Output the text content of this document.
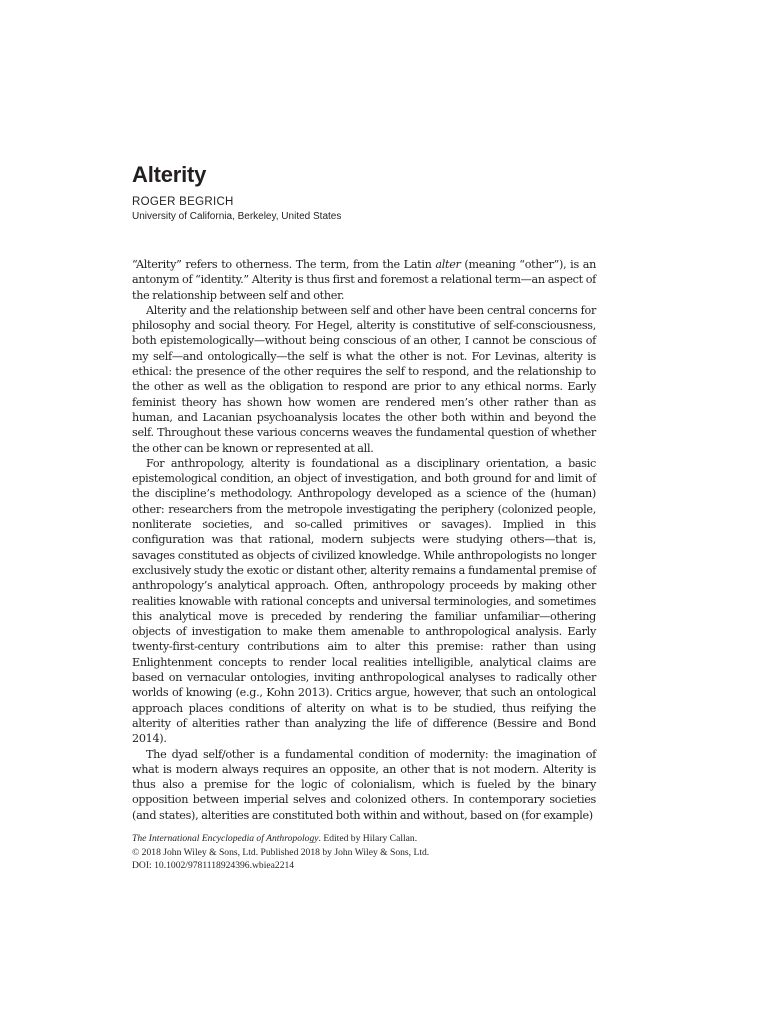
Alterity
ROGER BEGRICH
University of California, Berkeley, United States

“Alterity” refers to otherness. The term, from the Latin alter (meaning “other”), is an antonym of “identity.” Alterity is thus first and foremost a relational term—an aspect of the relationship between self and other.

Alterity and the relationship between self and other have been central concerns for philosophy and social theory. For Hegel, alterity is constitutive of self-consciousness, both epistemologically—without being conscious of an other, I cannot be conscious of my self—and ontologically—the self is what the other is not. For Levinas, alterity is ethical: the presence of the other requires the self to respond, and the relationship to the other as well as the obligation to respond are prior to any ethical norms. Early feminist theory has shown how women are rendered men’s other rather than as human, and Lacanian psychoanalysis locates the other both within and beyond the self. Throughout these various concerns weaves the fundamental question of whether the other can be known or represented at all.

For anthropology, alterity is foundational as a disciplinary orientation, a basic epistemological condition, an object of investigation, and both ground for and limit of the discipline’s methodology. Anthropology developed as a science of the (human) other: researchers from the metropole investigating the periphery (colonized people, nonliterate societies, and so-called primitives or savages). Implied in this configuration was that rational, modern subjects were studying others—that is, savages constituted as objects of civilized knowledge. While anthropologists no longer exclusively study the exotic or distant other, alterity remains a fundamental premise of anthropology’s analytical approach. Often, anthropology proceeds by making other realities knowable with rational concepts and universal terminologies, and sometimes this analytical move is preceded by rendering the familiar unfamiliar—othering objects of investigation to make them amenable to anthropological analysis. Early twenty-first-century contributions aim to alter this premise: rather than using Enlightenment concepts to render local realities intelligible, analytical claims are based on vernacular ontologies, inviting anthropological analyses to radically other worlds of knowing (e.g., Kohn 2013). Critics argue, however, that such an ontological approach places conditions of alterity on what is to be studied, thus reifying the alterity of alterities rather than analyzing the life of difference (Bessire and Bond 2014).

The dyad self/other is a fundamental condition of modernity: the imagination of what is modern always requires an opposite, an other that is not modern. Alterity is thus also a premise for the logic of colonialism, which is fueled by the binary opposition between imperial selves and colonized others. In contemporary societies (and states), alterities are constituted both within and without, based on (for example)

The International Encyclopedia of Anthropology. Edited by Hilary Callan.
© 2018 John Wiley & Sons, Ltd. Published 2018 by John Wiley & Sons, Ltd.
DOI: 10.1002/9781118924396.wbiea2214
